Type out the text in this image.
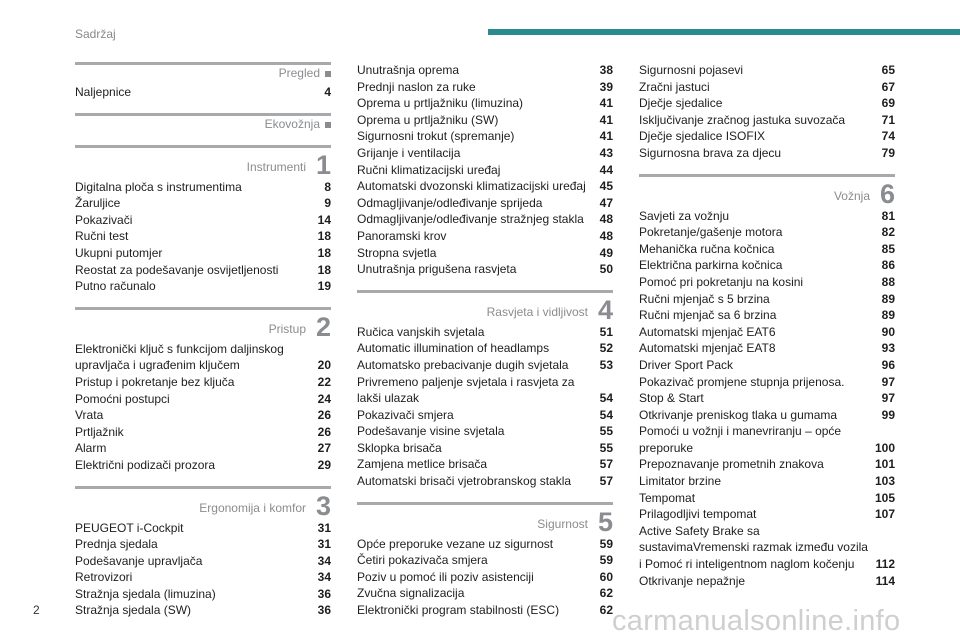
Sadržaj
Pregled
Naljepnice	4
Ekovožnja
Instrumenti 1
Digitalna ploča s instrumentima	8
Žaruljice	9
Pokazivači	14
Ručni test	18
Ukupni putomjer	18
Reostat za podešavanje osvijetljenosti	18
Putno računalo	19
Pristup 2
Elektronički ključ s funkcijom daljinskog upravljača i ugrađenim ključem	20
Pristup i pokretanje bez ključa	22
Pomoćni postupci	24
Vrata	26
Prtljažnik	26
Alarm	27
Električni podizači prozora	29
Ergonomija i komfor 3
PEUGEOT i-Cockpit	31
Prednja sjedala	31
Podešavanje upravljača	34
Retrovizori	34
Stražnja sjedala (limuzina)	36
Stražnja sjedala (SW)	36
Unutrašnja oprema	38
Prednji naslon za ruke	39
Oprema u prtljažniku (limuzina)	41
Oprema u prtljažniku (SW)	41
Sigurnosni trokut (spremanje)	41
Grijanje i ventilacija	43
Ručni klimatizacijski uređaj	44
Automatski dvozonski klimatizacijski uređaj	45
Odmagljivanje/odleđivanje sprijeda	47
Odmagljivanje/odleđivanje stražnjeg stakla	48
Panoramski krov	48
Stropna svjetla	49
Unutrašnja prigušena rasvjeta	50
Rasvjeta i vidljivost 4
Ručica vanjskih svjetala	51
Automatic illumination of headlamps	52
Automatsko prebacivanje dugih svjetala	53
Privremeno paljenje svjetala i rasvjeta za lakši ulazak	54
Pokazivači smjera	54
Podešavanje visine svjetala	55
Sklopka brisača	55
Zamjena metlice brisača	57
Automatski brisači vjetrobranskog stakla	57
Sigurnost 5
Opće preporuke vezane uz sigurnost	59
Četiri pokazivača smjera	59
Poziv u pomoć ili poziv asistenciji	60
Zvučna signalizacija	62
Elektronički program stabilnosti (ESC)	62
Sigurnosni pojasevi	65
Zračni jastuci	67
Dječje sjedalice	69
Isključivanje zračnog jastuka suvozača	71
Dječje sjedalice ISOFIX	74
Sigurnosna brava za djecu	79
Vožnja 6
Savjeti za vožnju	81
Pokretanje/gašenje motora	82
Mehanička ručna kočnica	85
Električna parkirna kočnica	86
Pomoć pri pokretanju na kosini	88
Ručni mjenjač s 5 brzina	89
Ručni mjenjač sa 6 brzina	89
Automatski mjenjač EAT6	90
Automatski mjenjač EAT8	93
Driver Sport Pack	96
Pokazivač promjene stupnja prijenosa.	97
Stop & Start	97
Otkrivanje preniskog tlaka u gumama	99
Pomoći u vožnji i manevriranju – opće preporuke	100
Prepoznavanje prometnih znakova	101
Limitator brzine	103
Tempomat	105
Prilagodljivi tempomat	107
Active Safety Brake sa sustavimaVremenski razmak između vozila i Pomoć ri inteligentnom naglom kočenju	112
Otkrivanje nepažnje	114
2	carmanualsonline.info
